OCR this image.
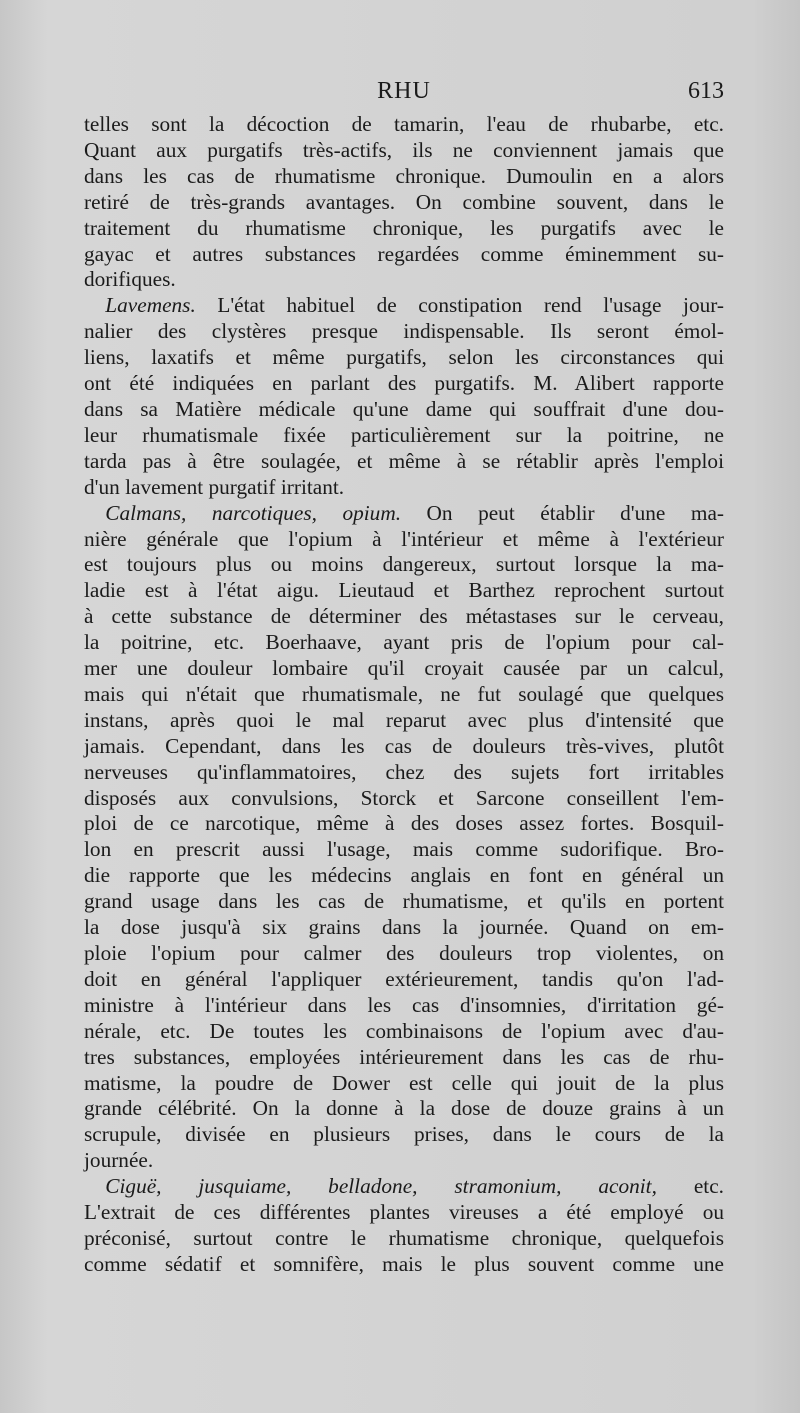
RHU	613
telles sont la décoction de tamarin, l'eau de rhubarbe, etc.
Quant aux purgatifs très-actifs, ils ne conviennent jamais que
dans les cas de rhumatisme chronique. Dumoulin en a alors
retiré de très-grands avantages. On combine souvent, dans le
traitement du rhumatisme chronique, les purgatifs avec le
gayac et autres substances regardées comme éminemment su-
dorifiques.
 Lavemens. L'état habituel de constipation rend l'usage jour-
nalier des clystères presque indispensable. Ils seront émol-
liens, laxatifs et même purgatifs, selon les circonstances qui
ont été indiquées en parlant des purgatifs. M. Alibert rapporte
dans sa Matière médicale qu'une dame qui souffrait d'une dou-
leur rhumatismale fixée particulièrement sur la poitrine, ne
tarda pas à être soulagée, et même à se rétablir après l'emploi
d'un lavement purgatif irritant.
 Calmans, narcotiques, opium. On peut établir d'une ma-
nière générale que l'opium à l'intérieur et même à l'extérieur
est toujours plus ou moins dangereux, surtout lorsque la ma-
ladie est à l'état aigu. Lieutaud et Barthez reprochent surtout
à cette substance de déterminer des métastases sur le cerveau,
la poitrine, etc. Boerhaave, ayant pris de l'opium pour cal-
mer une douleur lombaire qu'il croyait causée par un calcul,
mais qui n'était que rhumatismale, ne fut soulagé que quelques
instans, après quoi le mal reparut avec plus d'intensité que
jamais. Cependant, dans les cas de douleurs très-vives, plutôt
nerveuses qu'inflammatoires, chez des sujets fort irritables
disposés aux convulsions, Storck et Sarcone conseillent l'em-
ploi de ce narcotique, même à des doses assez fortes. Bosquil-
lon en prescrit aussi l'usage, mais comme sudorifique. Bro-
die rapporte que les médecins anglais en font en général un
grand usage dans les cas de rhumatisme, et qu'ils en portent
la dose jusqu'à six grains dans la journée. Quand on em-
ploie l'opium pour calmer des douleurs trop violentes, on
doit en général l'appliquer extérieurement, tandis qu'on l'ad-
ministre à l'intérieur dans les cas d'insomnies, d'irritation gé-
nérale, etc. De toutes les combinaisons de l'opium avec d'au-
tres substances, employées intérieurement dans les cas de rhu-
matisme, la poudre de Dower est celle qui jouit de la plus
grande célébrité. On la donne à la dose de douze grains à un
scrupule, divisée en plusieurs prises, dans le cours de la
journée.
 Ciguë, jusquiame, belladone, stramonium, aconit, etc.
L'extrait de ces différentes plantes vireuses a été employé ou
préconisé, surtout contre le rhumatisme chronique, quelquefois
comme sédatif et somnifère, mais le plus souvent comme une
